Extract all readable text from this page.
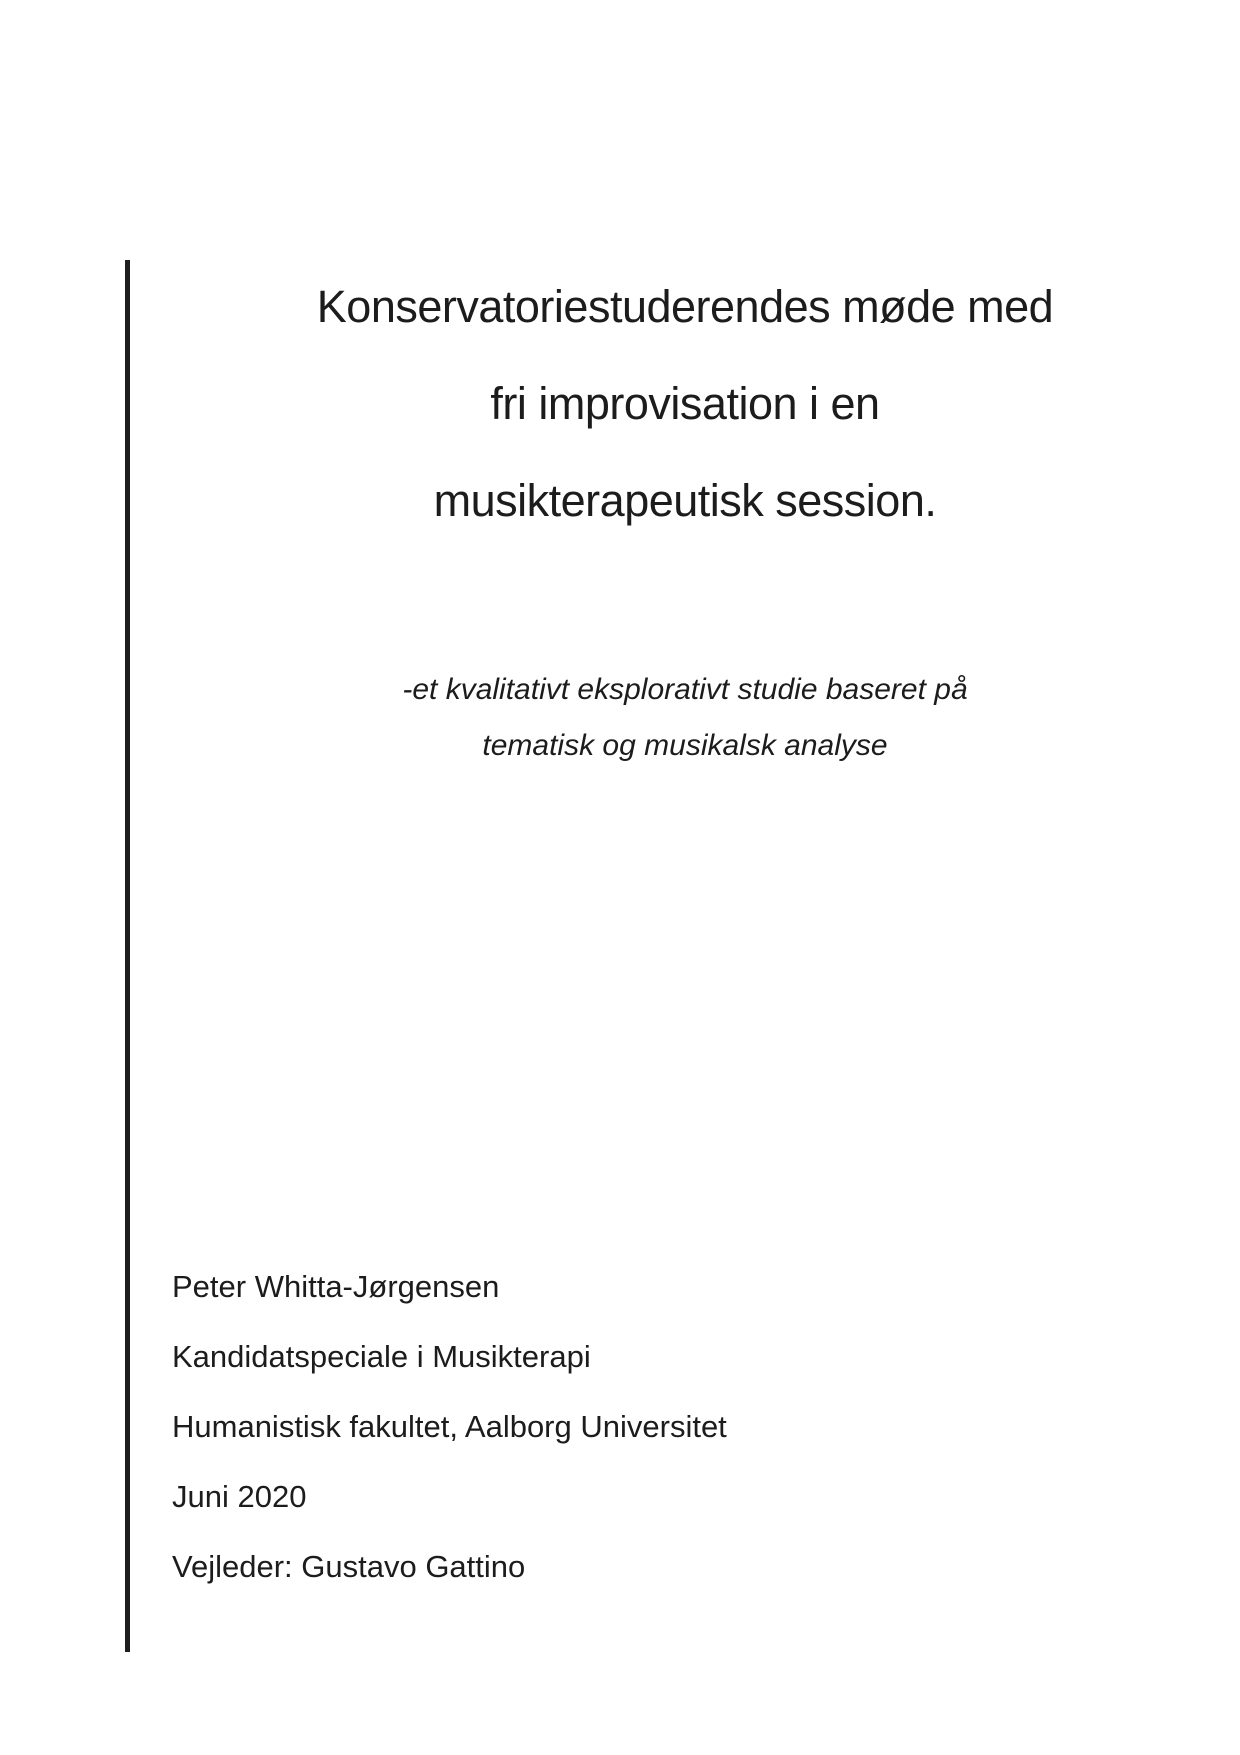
Konservatoriestuderendes møde med
fri improvisation i en
musikterapeutisk session.
-et kvalitativt eksplorativt studie baseret på
tematisk og musikalsk analyse
Peter Whitta-Jørgensen
Kandidatspeciale i Musikterapi
Humanistisk fakultet, Aalborg Universitet
Juni 2020
Vejleder: Gustavo Gattino
